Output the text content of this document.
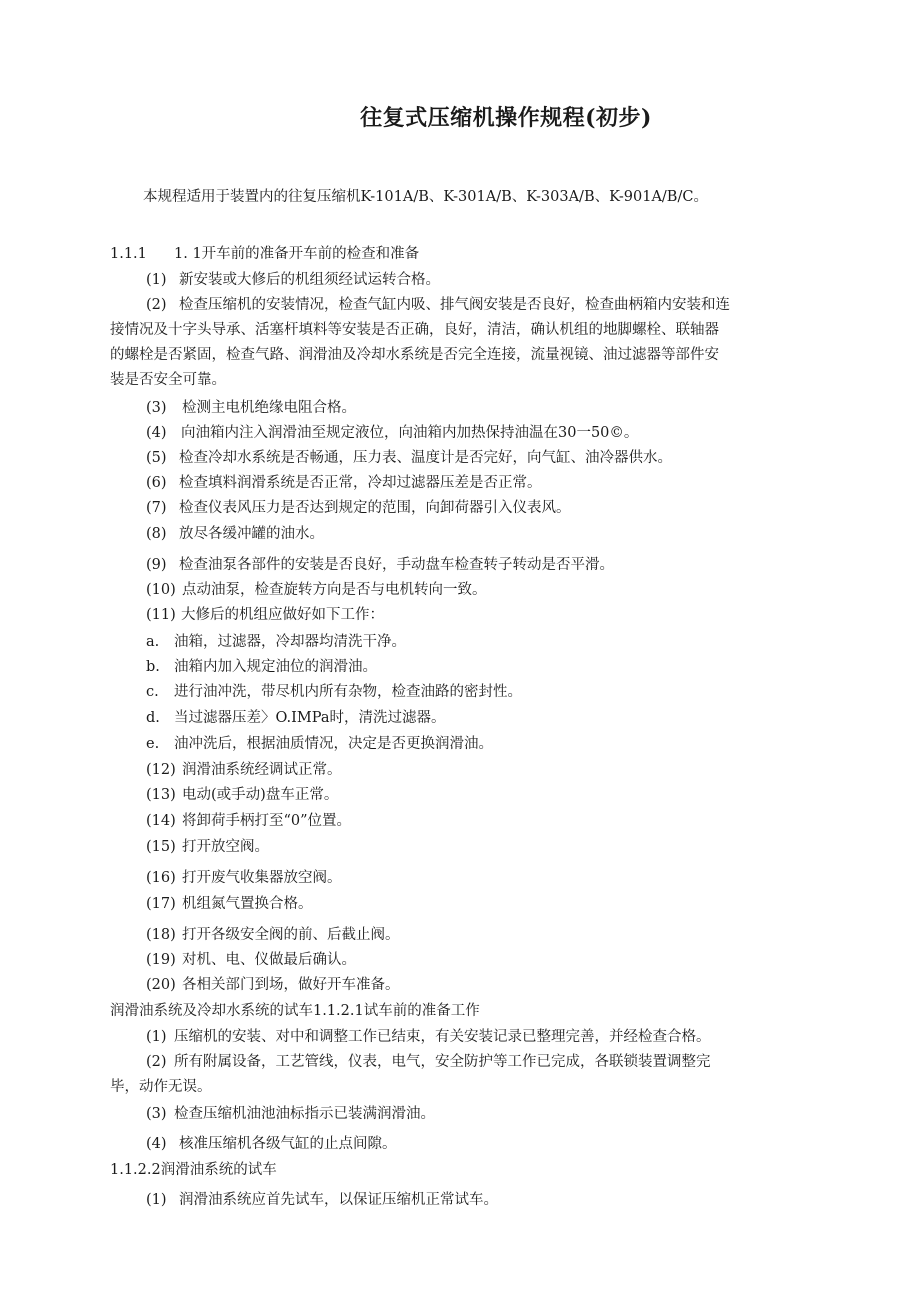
往复式压缩机操作规程(初步)
本规程适用于装置内的往复压缩机K-101A/B、K-301A/B、K-303A/B、K-901A/B/C。
1.1.1 1. 1开车前的准备开车前的检查和准备
(1) 新安装或大修后的机组须经试运转合格。
(2) 检查压缩机的安装情况，检查气缸内吸、排气阀安装是否良好，检查曲柄箱内安装和连
接情况及十字头导承、活塞杆填料等安装是否正确，良好，清洁，确认机组的地脚螺栓、联轴器
的螺栓是否紧固，检查气路、润滑油及冷却水系统是否完全连接，流量视镜、油过滤器等部件安
装是否安全可靠。
(3) 检测主电机绝缘电阻合格。
(4) 向油箱内注入润滑油至规定液位，向油箱内加热保持油温在30一50©。
(5) 检查冷却水系统是否畅通，压力表、温度计是否完好，向气缸、油冷器供水。
(6) 检查填料润滑系统是否正常，冷却过滤器压差是否正常。
(7) 检查仪表风压力是否达到规定的范围，向卸荷器引入仪表风。
(8) 放尽各缓冲罐的油水。
(9) 检查油泵各部件的安装是否良好，手动盘车检查转子转动是否平滑。
(10) 点动油泵，检查旋转方向是否与电机转向一致。
(11) 大修后的机组应做好如下工作：
a. 油箱，过滤器，冷却器均清洗干净。
b. 油箱内加入规定油位的润滑油。
c. 进行油冲洗，带尽机内所有杂物，检查油路的密封性。
d. 当过滤器压差〉O.IMPa时，清洗过滤器。
e. 油冲洗后，根据油质情况，决定是否更换润滑油。
(12) 润滑油系统经调试正常。
(13) 电动(或手动)盘车正常。
(14) 将卸荷手柄打至“0”位置。
(15) 打开放空阀。
(16) 打开废气收集器放空阀。
(17) 机组氮气置换合格。
(18) 打开各级安全阀的前、后截止阀。
(19) 对机、电、仪做最后确认。
(20) 各相关部门到场，做好开车准备。
润滑油系统及冷却水系统的试车1.1.2.1试车前的准备工作
(1) 压缩机的安装、对中和调整工作已结束，有关安装记录已整理完善，并经检查合格。
(2) 所有附属设备，工艺管线，仪表，电气，安全防护等工作已完成，各联锁装置调整完
毕，动作无误。
(3) 检查压缩机油池油标指示已装满润滑油。
(4) 核准压缩机各级气缸的止点间隙。
1.1.2.2润滑油系统的试车
(1) 润滑油系统应首先试车，以保证压缩机正常试车。
